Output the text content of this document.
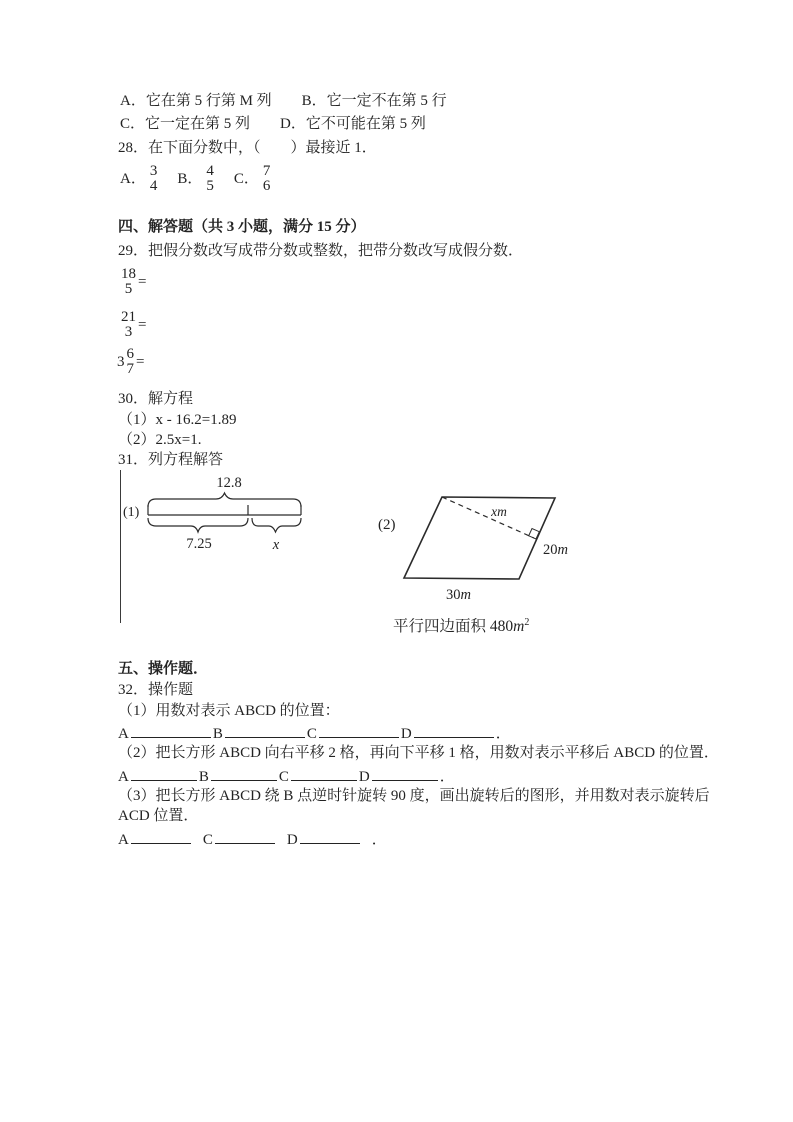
A．它在第 5 行第 M 列　　B．它一定不在第 5 行
C．它一定在第 5 列　　D．它不可能在第 5 列
28．在下面分数中，（　　）最接近 1．
A． 3
4 B． 4
5 C． 7
6
四、解答题（共 3 小题，满分 15 分）
29．把假分数改写成带分数或整数，把带分数改写成假分数．
18
5 =
21
3 =
3 6
7 =
30．解方程
（1）x - 16.2=1.89
（2）2.5x=1.
31．列方程解答
(1)
12.8
7.25	x
(2)
xm
20m
30m
平行四边面积 $480m^2$
五、操作题．
32．操作题
（1）用数对表示 ABCD 的位置：
A	B	C	D	．
（2）把长方形 ABCD 向右平移 2 格，再向下平移 1 格，用数对表示平移后 ABCD 的位置．
A	B	C	D	．
（3）把长方形 ABCD 绕 B 点逆时针旋转 90 度，画出旋转后的图形，并用数对表示旋转后
ACD 位置．
A	C	D	．
